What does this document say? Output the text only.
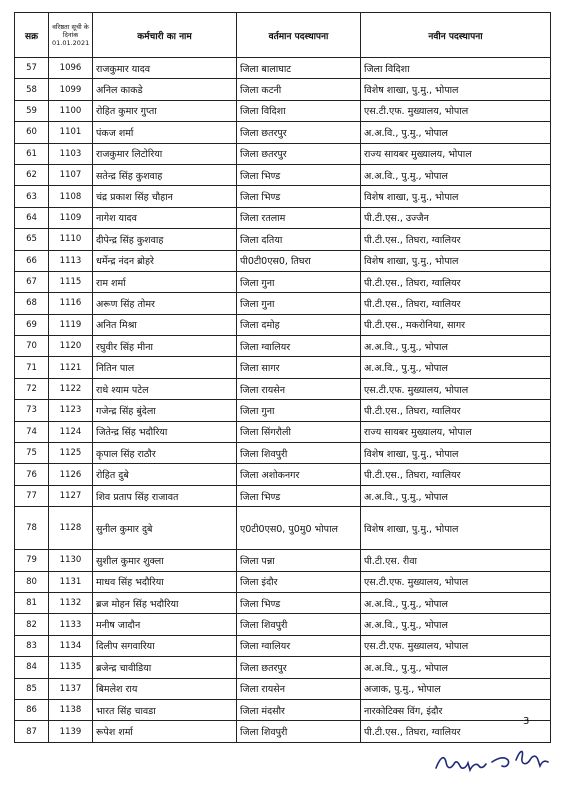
सक्र	वरिष्ठता सूची के दिनांक 01.01.2021	कर्मचारी का नाम	वर्तमान पदस्थापना	नवीन पदस्थापना
57	1096	राजकुमार यादव	जिला बालाघाट	जिला विदिशा
58	1099	अनिल काकडे	जिला कटनी	विशेष शाखा, पु.मु., भोपाल
59	1100	रोहित कुमार गुप्ता	जिला विदिशा	एस.टी.एफ. मुख्यालय, भोपाल
60	1101	पंकज शर्मा	जिला छतरपुर	अ.अ.वि., पु.मु., भोपाल
61	1103	राजकुमार लिटोरिया	जिला छतरपुर	राज्य सायबर मुख्यालय, भोपाल
62	1107	सतेन्द्र सिंह कुशवाह	जिला भिण्ड	अ.अ.वि., पु.मु., भोपाल
63	1108	चंद्र प्रकाश सिंह चौहान	जिला भिण्ड	विशेष शाखा, पु.मु., भोपाल
64	1109	नागेश यादव	जिला रतलाम	पी.टी.एस., उज्जैन
65	1110	दीपेन्द्र सिंह कुशवाह	जिला दतिया	पी.टी.एस., तिघरा, ग्वालियर
66	1113	धर्मेन्द्र नंदन ब्रोहरे	पी0टी0एस0, तिघरा	विशेष शाखा, पु.मु., भोपाल
67	1115	राम शर्मा	जिला गुना	पी.टी.एस., तिघरा, ग्वालियर
68	1116	अरूण सिंह तोमर	जिला गुना	पी.टी.एस., तिघरा, ग्वालियर
69	1119	अनित मिश्रा	जिला दमोह	पी.टी.एस., मकरोनिया, सागर
70	1120	रघुवीर सिंह मीना	जिला ग्वालियर	अ.अ.वि., पु.मु., भोपाल
71	1121	नितिन पाल	जिला सागर	अ.अ.वि., पु.मु., भोपाल
72	1122	राधे श्याम पटेल	जिला रायसेन	एस.टी.एफ. मुख्यालय, भोपाल
73	1123	गजेन्द्र सिंह बुंदेला	जिला गुना	पी.टी.एस., तिघरा, ग्वालियर
74	1124	जितेन्द्र सिंह भदौरिया	जिला सिंगरौली	राज्य सायबर मुख्यालय, भोपाल
75	1125	कृपाल सिंह राठौर	जिला शिवपुरी	विशेष शाखा, पु.मु., भोपाल
76	1126	रोहित दुबे	जिला अशोकनगर	पी.टी.एस., तिघरा, ग्वालियर
77	1127	शिव प्रताप सिंह राजावत	जिला भिण्ड	अ.अ.वि., पु.मु., भोपाल
78	1128	सुनील कुमार दुबे	ए0टी0एस0, पु0मु0 भोपाल	विशेष शाखा, पु.मु., भोपाल
79	1130	सुशील कुमार शुक्ला	जिला पन्ना	पी.टी.एस. रीवा
80	1131	माधव सिंह भदौरिया	जिला इंदौर	एस.टी.एफ. मुख्यालय, भोपाल
81	1132	ब्रज मोहन सिंह भदौरिया	जिला भिण्ड	अ.अ.वि., पु.मु., भोपाल
82	1133	मनीष जादौन	जिला शिवपुरी	अ.अ.वि., पु.मु., भोपाल
83	1134	दिलीप सगवारिया	जिला ग्वालियर	एस.टी.एफ. मुख्यालय, भोपाल
84	1135	ब्रजेन्द्र चावीडिया	जिला छतरपुर	अ.अ.वि., पु.मु., भोपाल
85	1137	बिमलेश राय	जिला रायसेन	अजाक, पु.मु., भोपाल
86	1138	भारत सिंह चावडा	जिला मंदसौर	नारकोटिक्स विंग, इंदौर
87	1139	रूपेश शर्मा	जिला शिवपुरी	पी.टी.एस., तिघरा, ग्वालियर
3
